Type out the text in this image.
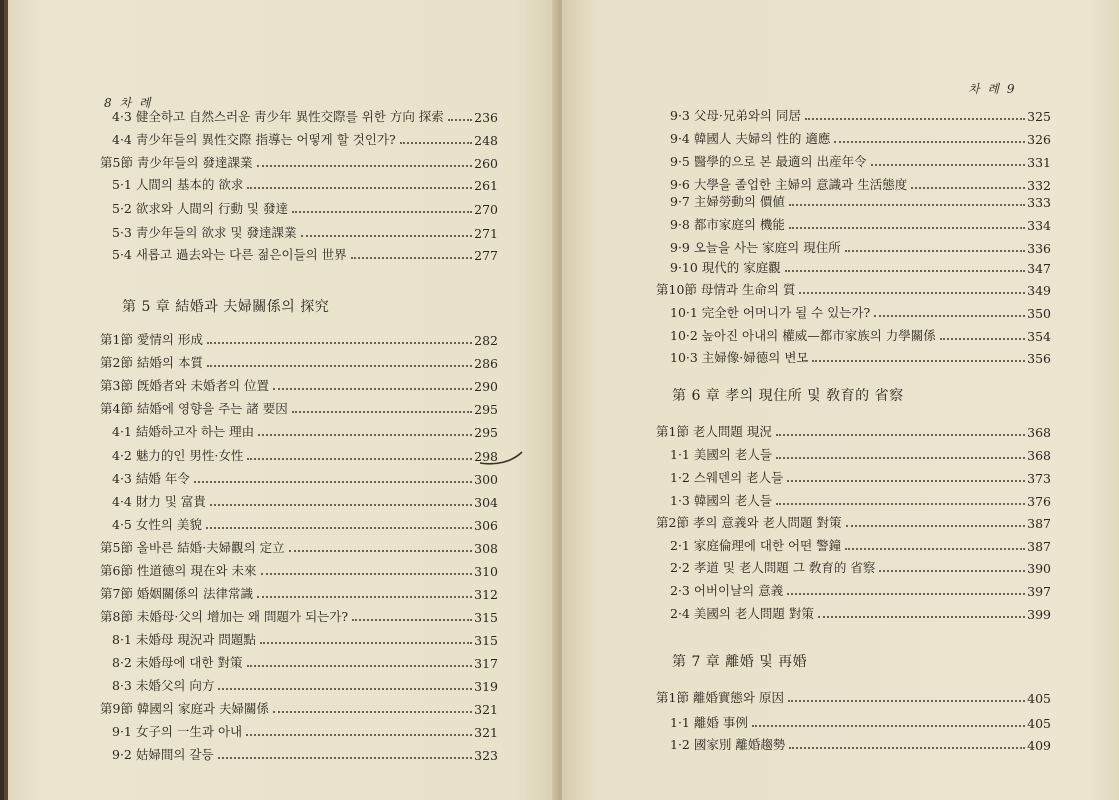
8 차 례
4·3 健全하고 自然스러운 靑少年 異性交際를 위한 方向 探索 236
4·4 靑少年들의 異性交際 指導는 어떻게 할 것인가?	248
第5節 靑少年들의 發達課業	260
5·1 人間의 基本的 欲求	261
5·2 欲求와 人間의 行動 및 發達	270
5·3 靑少年들의 欲求 및 發達課業	271
5·4 새롭고 過去와는 다른 젊은이들의 世界	277
第 5 章 結婚과 夫婦關係의 探究
第1節 愛情의 形成	282
第2節 結婚의 本質	286
第3節 旣婚者와 未婚者의 位置	290
第4節 結婚에 영향을 주는 諸 要因	295
4·1 結婚하고자 하는 理由	295
4·2 魅力的인 男性·女性	298
4·3 結婚 年令	300
4·4 財力 및 富貴	304
4·5 女性의 美貌	306
第5節 올바른 結婚·夫婦觀의 定立	308
第6節 性道德의 現在와 未來	310
第7節 婚姻關係의 法律常識	312
第8節 未婚母·父의 增加는 왜 問題가 되는가?	315
8·1 未婚母 現況과 問題點	315
8·2 未婚母에 대한 對策	317
8·3 未婚父의 向方	319
第9節 韓國의 家庭과 夫婦關係	321
9·1 女子의 一生과 아내	321
9·2 姑婦間의 갈등	323
차 례 9
9·3 父母·兄弟와의 同居	325
9·4 韓國人 夫婦의 性的 適應	326
9·5 醫學的으로 본 最適의 出産年令	331
9·6 大學을 졸업한 主婦의 意識과 生活態度	332
9·7 主婦勞動의 價値	333
9·8 都市家庭의 機能	334
9·9 오늘을 사는 家庭의 現住所	336
9·10 現代的 家庭觀	347
第10節 母情과 生命의 質	349
10·1 完全한 어머니가 될 수 있는가?	350
10·2 높아진 아내의 權威—都市家族의 力學關係	354
10·3 主婦像·婦德의 변모	356
第 6 章 孝의 現住所 및 敎育的 省察
第1節 老人問題 現況	368
1·1 美國의 老人들	368
1·2 스웨덴의 老人들	373
1·3 韓國의 老人들	376
第2節 孝의 意義와 老人問題 對策	387
2·1 家庭倫理에 대한 어떤 警鐘	387
2·2 孝道 및 老人問題 그 敎育的 省察	390
2·3 어버이날의 意義	397
2·4 美國의 老人問題 對策	399
第 7 章 離婚 및 再婚
第1節 離婚實態와 原因	405
1·1 離婚 事例	405
1·2 國家別 離婚趨勢	409
